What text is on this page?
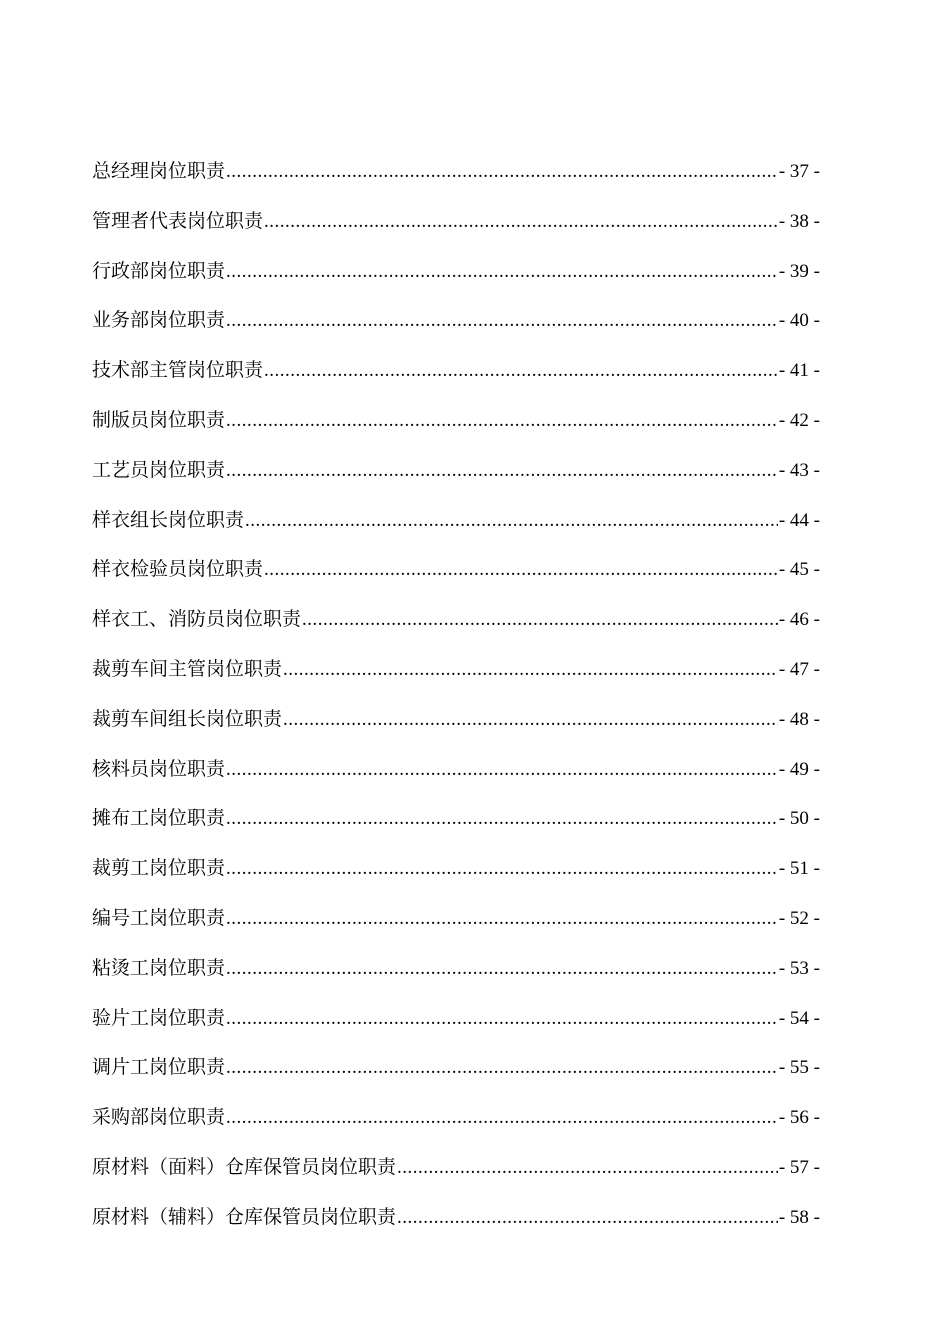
总经理岗位职责 .....	- 37 -
管理者代表岗位职责 .....	- 38 -
行政部岗位职责 .....	- 39 -
业务部岗位职责 .....	- 40 -
技术部主管岗位职责 .....	- 41 -
制版员岗位职责 .....	- 42 -
工艺员岗位职责 .....	- 43 -
样衣组长岗位职责 .....	- 44 -
样衣检验员岗位职责 .....	- 45 -
样衣工、消防员岗位职责 .....	- 46 -
裁剪车间主管岗位职责 .....	- 47 -
裁剪车间组长岗位职责 .....	- 48 -
核料员岗位职责 .....	- 49 -
摊布工岗位职责 .....	- 50 -
裁剪工岗位职责 .....	- 51 -
编号工岗位职责 .....	- 52 -
粘烫工岗位职责 .....	- 53 -
验片工岗位职责 .....	- 54 -
调片工岗位职责 .....	- 55 -
采购部岗位职责 .....	- 56 -
原材料（面料）仓库保管员岗位职责 .....	- 57 -
原材料（辅料）仓库保管员岗位职责 .....	- 58 -
